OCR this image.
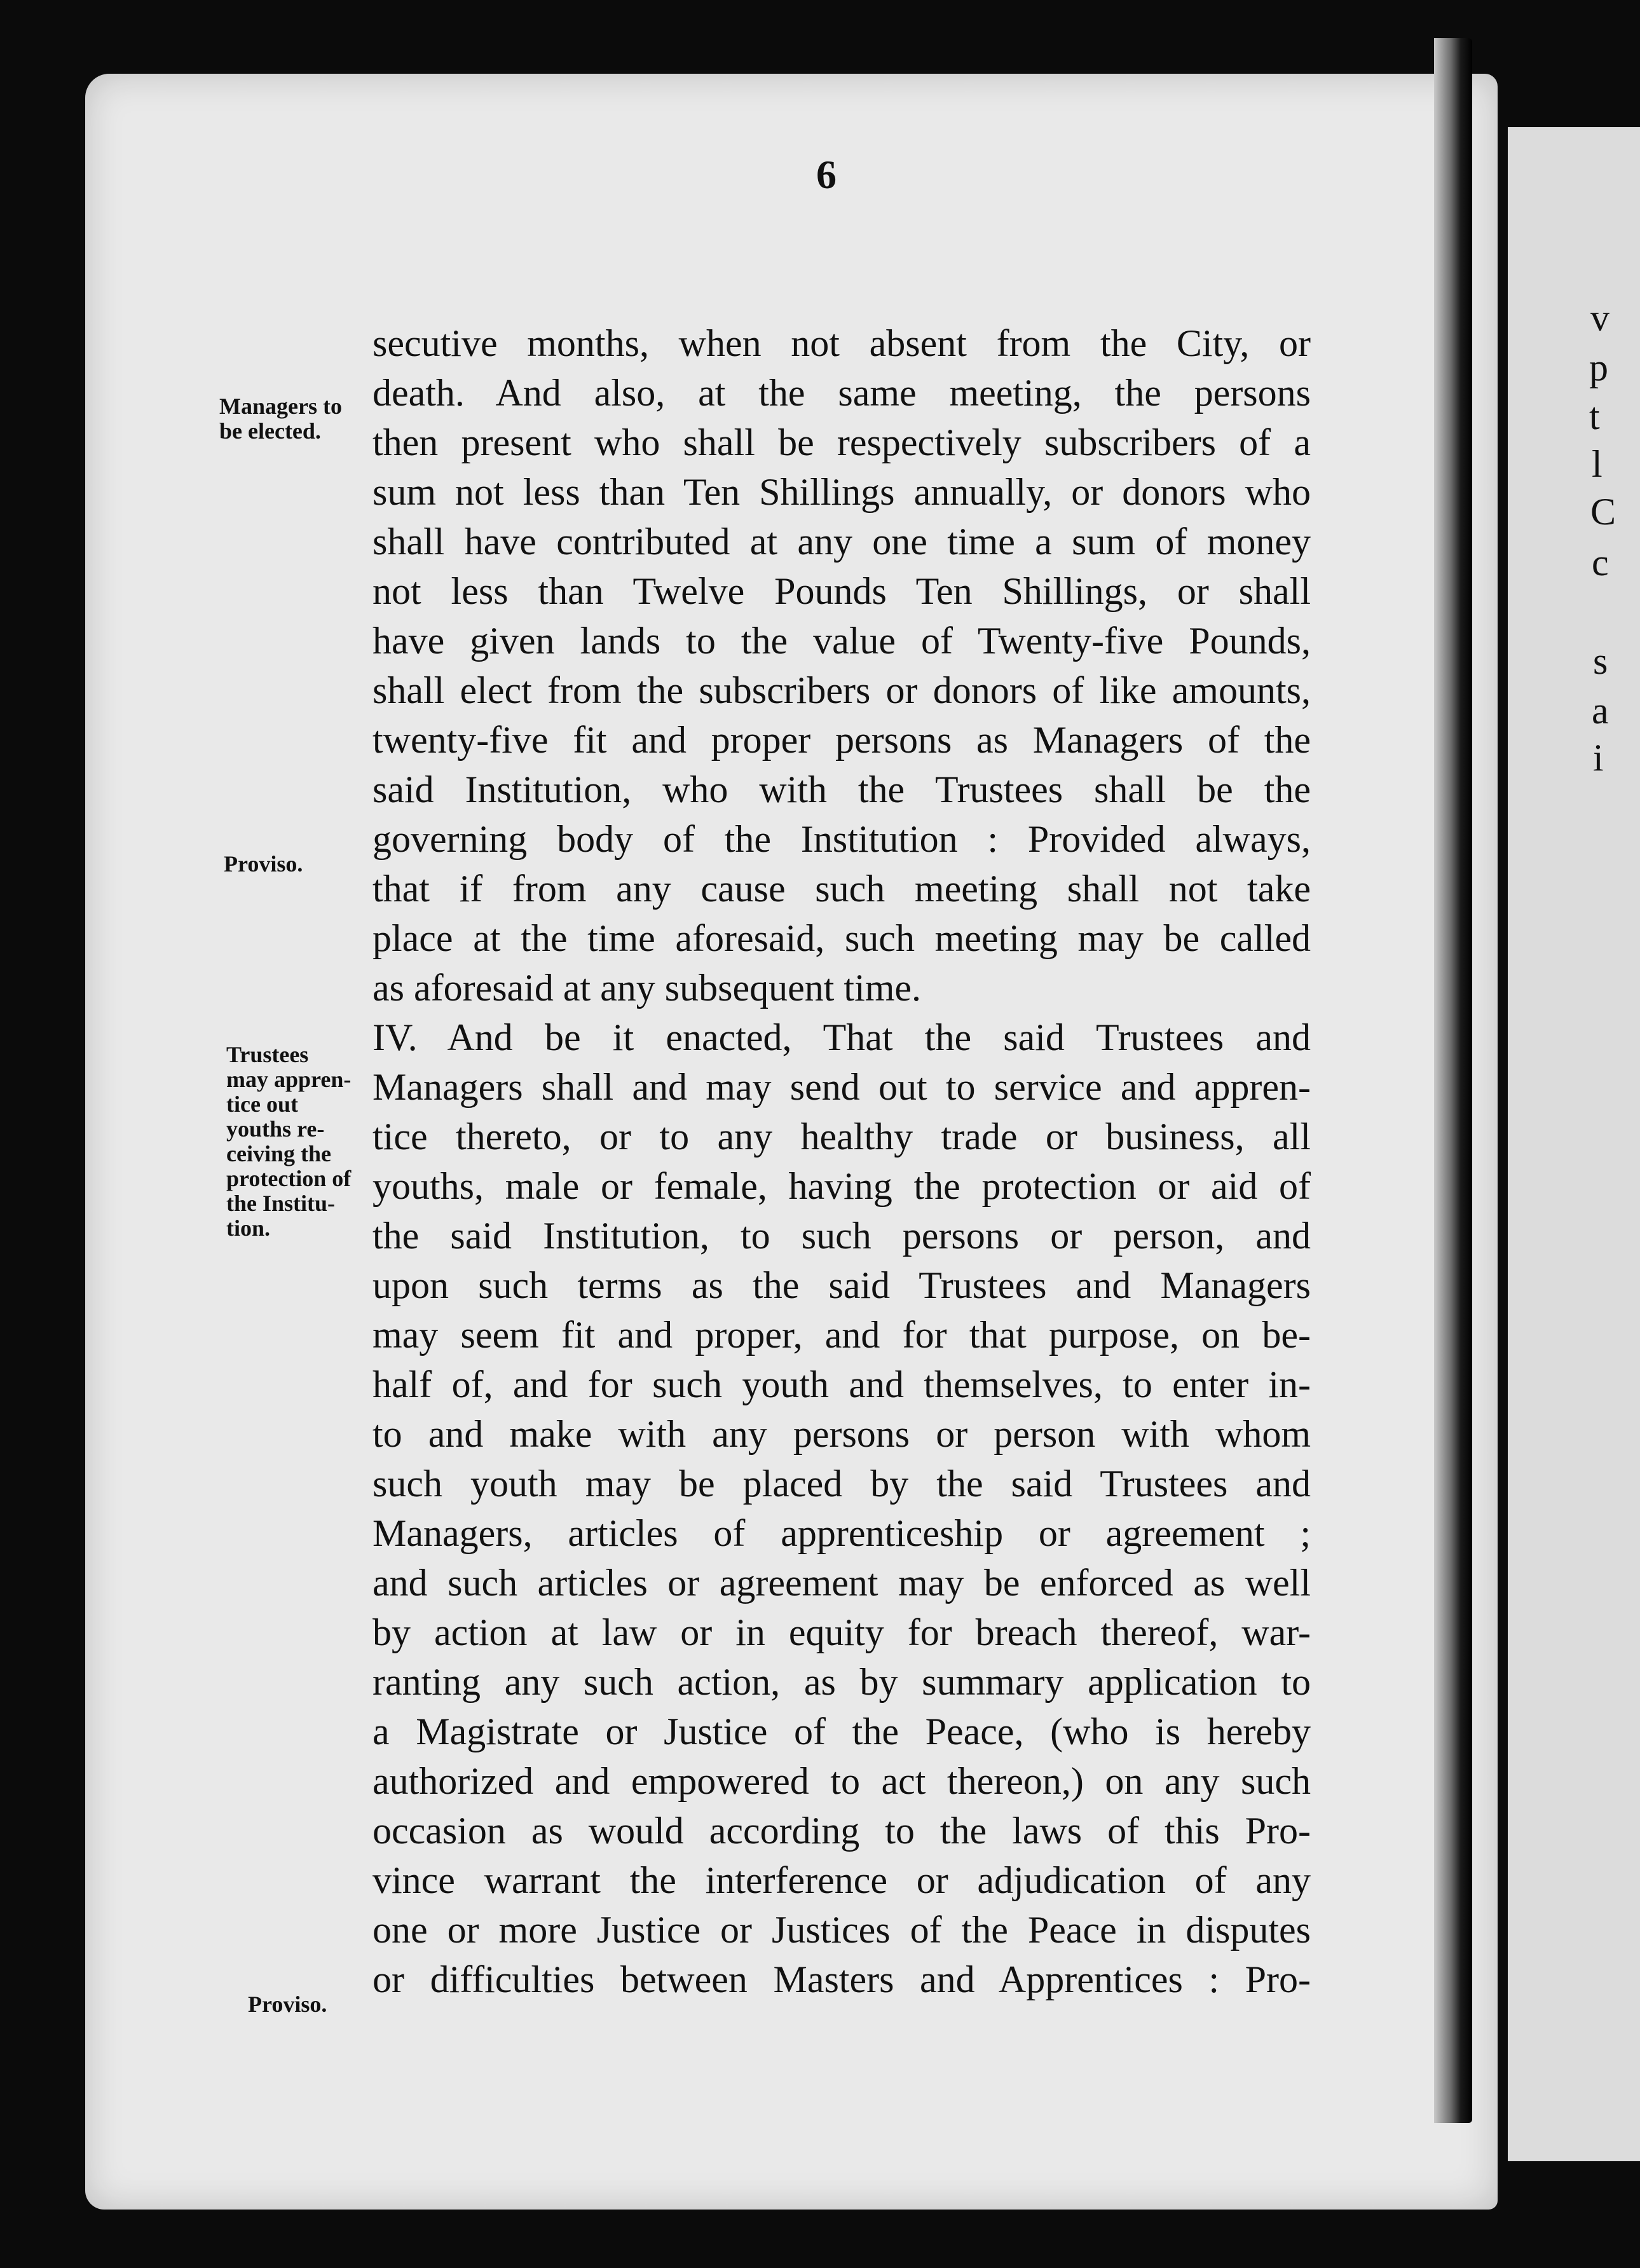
v
p
t
l
C
c
s
a
i
6
secutive months, when not absent from the City, or
death. And also, at the same meeting, the persons
then present who shall be respectively subscribers of a
sum not less than Ten Shillings annually, or donors who
shall have contributed at any one time a sum of money
not less than Twelve Pounds Ten Shillings, or shall
have given lands to the value of Twenty-five Pounds,
shall elect from the subscribers or donors of like amounts,
twenty-five fit and proper persons as Managers of the
said Institution, who with the Trustees shall be the
governing body of the Institution : Provided always,
that if from any cause such meeting shall not take
place at the time aforesaid, such meeting may be called
as aforesaid at any subsequent time.
IV. And be it enacted, That the said Trustees and
Managers shall and may send out to service and appren-
tice thereto, or to any healthy trade or business, all
youths, male or female, having the protection or aid of
the said Institution, to such persons or person, and
upon such terms as the said Trustees and Managers
may seem fit and proper, and for that purpose, on be-
half of, and for such youth and themselves, to enter in-
to and make with any persons or person with whom
such youth may be placed by the said Trustees and
Managers, articles of apprenticeship or agreement ;
and such articles or agreement may be enforced as well
by action at law or in equity for breach thereof, war-
ranting any such action, as by summary application to
a Magistrate or Justice of the Peace, (who is hereby
authorized and empowered to act thereon,) on any such
occasion as would according to the laws of this Pro-
vince warrant the interference or adjudication of any
one or more Justice or Justices of the Peace in disputes
or difficulties between Masters and Apprentices : Pro-
Managers to
be elected.
Proviso.
Trustees
may appren-
tice out
youths re-
ceiving the
protection of
the Institu-
tion.
Proviso.
